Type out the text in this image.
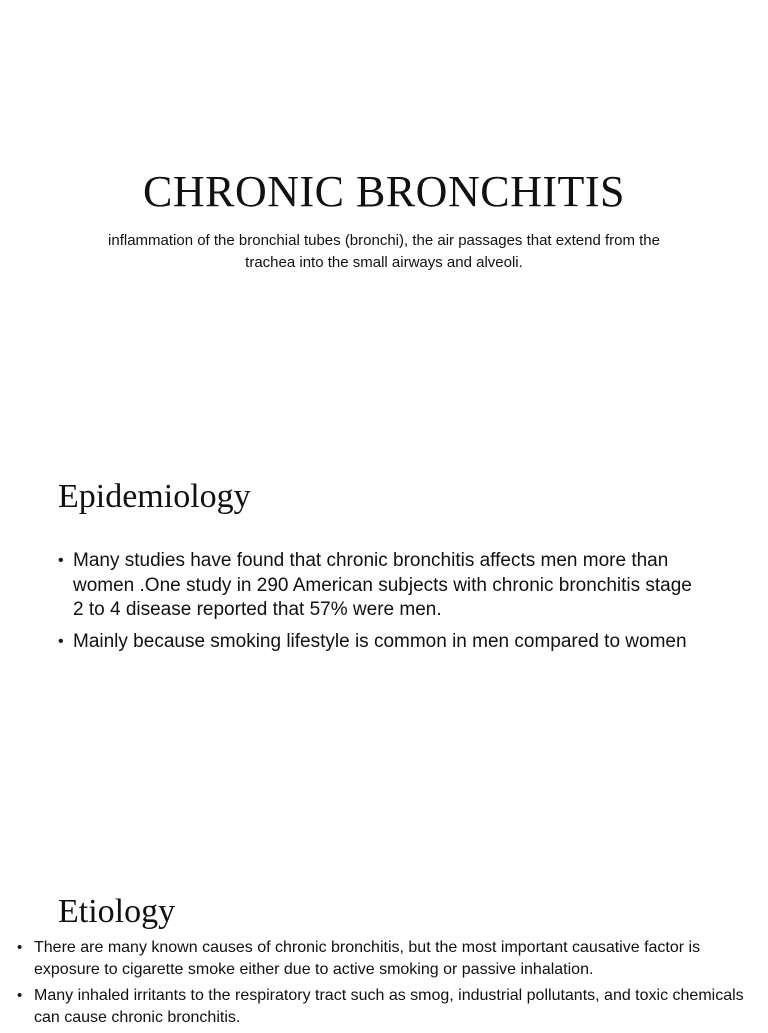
CHRONIC BRONCHITIS

inflammation of the bronchial tubes (bronchi), the air passages that extend from the trachea into the small airways and alveoli.

Epidemiology
• Many studies have found that chronic bronchitis affects men more than women .One study in 290 American subjects with chronic bronchitis stage 2 to 4 disease reported that 57% were men.
• Mainly because smoking lifestyle is common in men compared to women
Etiology
• There are many known causes of chronic bronchitis, but the most important causative factor is exposure to cigarette smoke either due to active smoking or passive inhalation.
• Many inhaled irritants to the respiratory tract such as smog, industrial pollutants, and toxic chemicals can cause chronic bronchitis.
